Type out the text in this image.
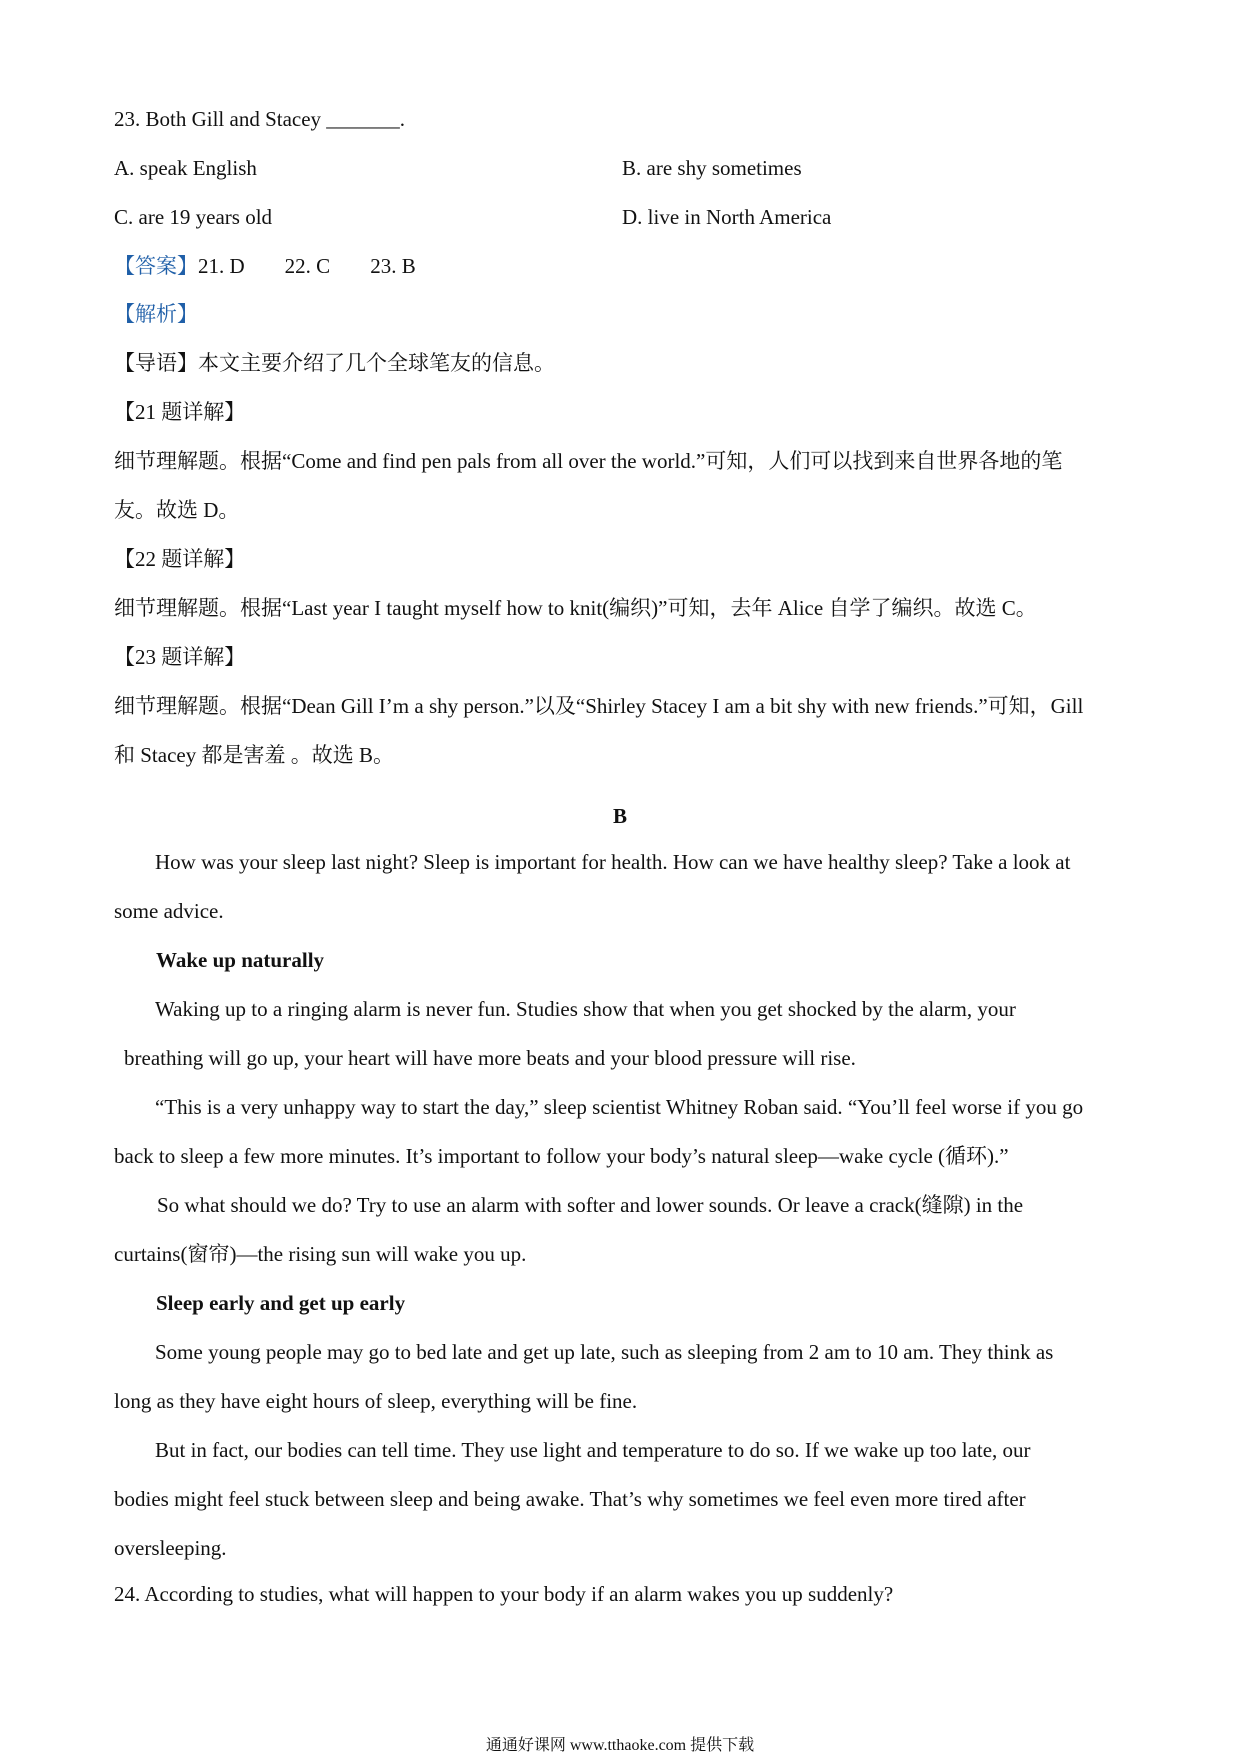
23. Both Gill and Stacey _______.

A. speak English	B. are shy sometimes

C. are 19 years old	D. live in North America

【答案】21. D 22. C 23. B

【解析】

【导语】本文主要介绍了几个全球笔友的信息。

【21 题详解】

细节理解题。根据“Come and find pen pals from all over the world.”可知，人们可以找到来自世界各地的笔

友。故选 D。

【22 题详解】

细节理解题。根据“Last year I taught myself how to knit(编织)”可知，去年 Alice 自学了编织。故选 C。

【23 题详解】

细节理解题。根据“Dean Gill I’m a shy person.”以及“Shirley Stacey I am a bit shy with new friends.”可知，Gill

和 Stacey 都是害羞 。故选 B。

B

How was your sleep last night? Sleep is important for health. How can we have healthy sleep? Take a look at

some advice.

Wake up naturally

Waking up to a ringing alarm is never fun. Studies show that when you get shocked by the alarm, your

breathing will go up, your heart will have more beats and your blood pressure will rise.

“This is a very unhappy way to start the day,” sleep scientist Whitney Roban said. “You’ll feel worse if you go

back to sleep a few more minutes. It’s important to follow your body’s natural sleep—wake cycle (循环).”

So what should we do? Try to use an alarm with softer and lower sounds. Or leave a crack(缝隙) in the

curtains(窗帘)—the rising sun will wake you up.

Sleep early and get up early

Some young people may go to bed late and get up late, such as sleeping from 2 am to 10 am. They think as

long as they have eight hours of sleep, everything will be fine.

But in fact, our bodies can tell time. They use light and temperature to do so. If we wake up too late, our

bodies might feel stuck between sleep and being awake. That’s why sometimes we feel even more tired after

oversleeping.

24. According to studies, what will happen to your body if an alarm wakes you up suddenly?

通通好课网 www.tthaoke.com 提供下载
